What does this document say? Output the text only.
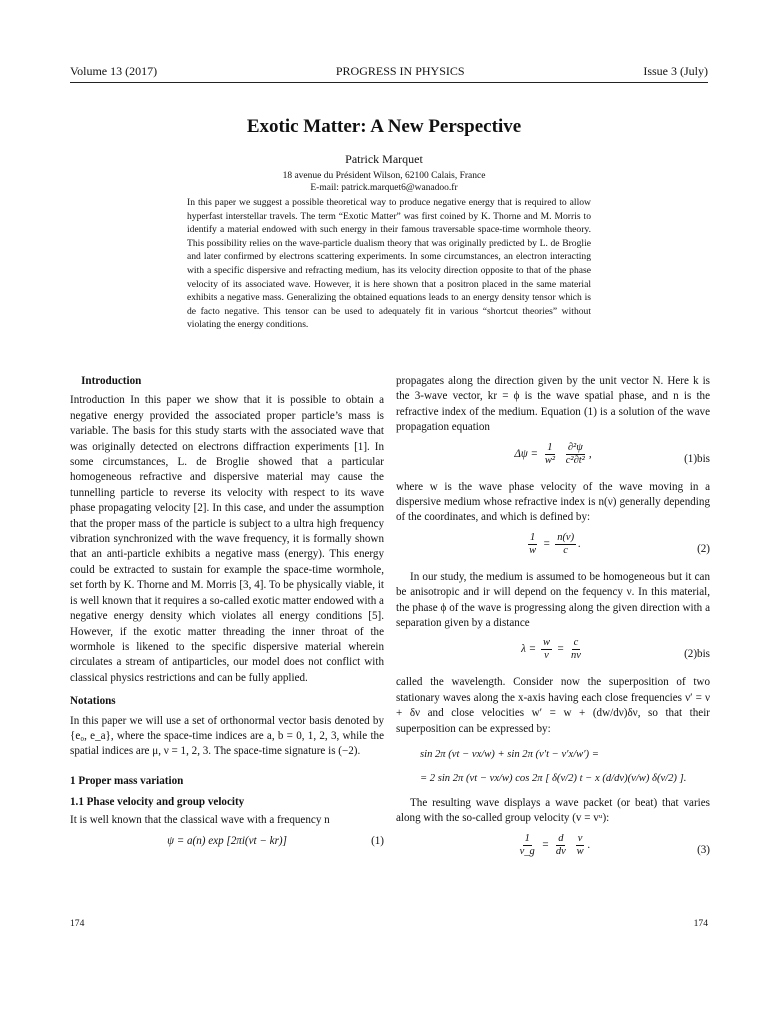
Volume 13 (2017)	PROGRESS IN PHYSICS	Issue 3 (July)
Exotic Matter: A New Perspective
Patrick Marquet
18 avenue du Président Wilson, 62100 Calais, France
E-mail: patrick.marquet6@wanadoo.fr

In this paper we suggest a possible theoretical way to produce negative energy that is required to allow hyperfast interstellar travels. The term “Exotic Matter” was first coined by K. Thorne and M. Morris to identify a material endowed with such energy in their famous traversable space-time wormhole theory. This possibility relies on the wave-particle dualism theory that was originally predicted by L. de Broglie and later confirmed by electrons scattering experiments. In some circumstances, an electron interacting with a specific dispersive and refracting medium, has its velocity direction opposite to that of the phase velocity of its associated wave. However, it is here shown that a positron placed in the same material exhibits a negative mass. Generalizing the obtained equations leads to an energy density tensor which is de facto negative. This tensor can be used to adequately fit in various “shortcut theories” without violating the energy conditions.

Introduction

Introduction In this paper we show that it is possible to obtain a negative energy provided the associated proper particle’s mass is variable. The basis for this study starts with the associated wave that was originally detected on electrons diffraction experiments [1]. In some circumstances, L. de Broglie showed that a particular homogeneous refractive and dispersive material may cause the tunnelling particle to reverse its velocity with respect to its wave phase propagating velocity [2]. In this case, and under the assumption that the proper mass of the particle is subject to a ultra high frequency vibration synchronized with the wave frequency, it is formally shown that an anti-particle exhibits a negative mass (energy). This energy could be extracted to sustain for example the space-time wormhole, set forth by K. Thorne and M. Morris [3, 4]. To be physically viable, it is well known that it requires a so-called exotic matter endowed with a negative energy density which violates all energy conditions [5]. However, if the exotic matter threading the inner throat of the wormhole is likened to the specific dispersive material wherein circulates a stream of antiparticles, our model does not conflict with classical physics restrictions and can be fully applied.

Notations

In this paper we will use a set of orthonormal vector basis denoted by {e₀, e_a}, where the space-time indices are a, b = 0, 1, 2, 3, while the spatial indices are μ, ν = 1, 2, 3. The space-time signature is (−2).

1 Proper mass variation
1.1 Phase velocity and group velocity

It is well known that the classical wave with a frequency n

ψ = a(n) exp [2πi(νt − kr)]	(1)

propagates along the direction given by the unit vector N. Here k is the 3-wave vector, kr = ϕ is the wave spatial phase, and n is the refractive index of the medium. Equation (1) is a solution of the wave propagation equation

$\Delta\psi = \frac{1}{\text{w²}}$
$\frac{\text{∂²ψ}}{\text{c²∂t²}}$ ,	(1)bis

where w is the wave phase velocity of the wave moving in a dispersive medium whose refractive index is n(ν) generally depending of the coordinates, and which is defined by:

$\frac{1}{w} = \frac{n(\nu)}{c}$ .	(2)

In our study, the medium is assumed to be homogeneous but it can be anisotropic and ir will depend on the fequency ν. In this material, the phase ϕ of the wave is progressing along the given direction with a separation given by a distance

$\lambda = \frac{w}{\nu} = \frac{c}{n\nu}$	(2)bis

called the wavelength. Consider now the superposition of two stationary waves along the x-axis having each close frequencies ν′ = ν + δν and close velocities w′ = w + (dw/dν)δν, so that their superposition can be expressed by:

sin 2π (νt − νx/w) + sin 2π (ν′t − ν′x/w′) =
= 2 sin 2π (νt − νx/w) cos 2π [ δ(ν/2) t − x (d/dν)(ν/w) δ(ν/2) ].

The resulting wave displays a wave packet (or beat) that varies along with the so-called group velocity (v = vᵘ):

$\frac{1}{v\_g} = \frac{d}{d\nu}$
$\frac{\nu}{w}$ .	(3)
174	174
